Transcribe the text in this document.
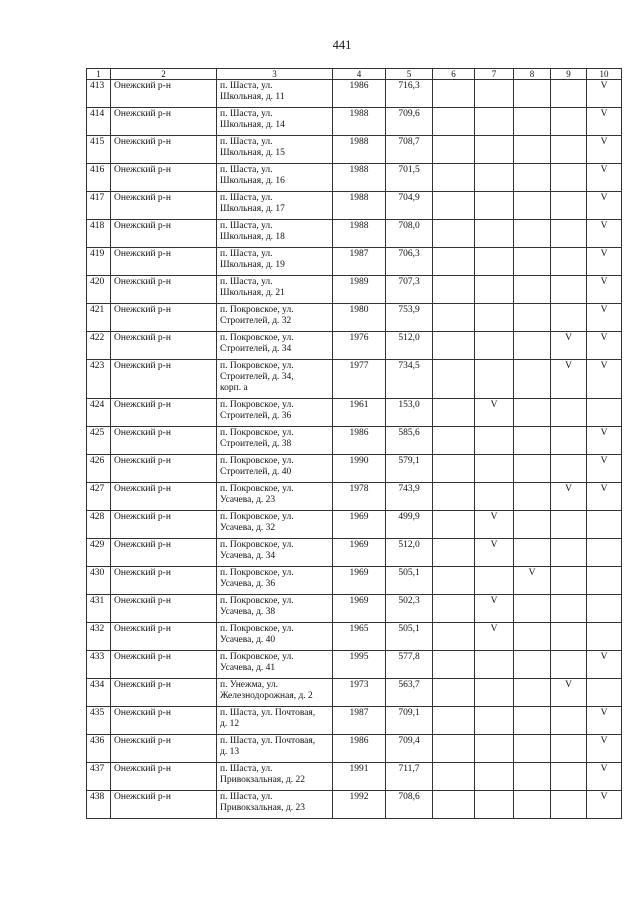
441
1	2	3	4	5	6	7	8	9	10
413	Онежский р-н	п. Шаста, ул.
Школьная, д. 11	1986	716,3					V
414	Онежский р-н	п. Шаста, ул.
Школьная, д. 14	1988	709,6					V
415	Онежский р-н	п. Шаста, ул.
Школьная, д. 15	1988	708,7					V
416	Онежский р-н	п. Шаста, ул.
Школьная, д. 16	1988	701,5					V
417	Онежский р-н	п. Шаста, ул.
Школьная, д. 17	1988	704,9					V
418	Онежский р-н	п. Шаста, ул.
Школьная, д. 18	1988	708,0					V
419	Онежский р-н	п. Шаста, ул.
Школьная, д. 19	1987	706,3					V
420	Онежский р-н	п. Шаста, ул.
Школьная, д. 21	1989	707,3					V
421	Онежский р-н	п. Покровское, ул.
Строителей, д. 32	1980	753,9					V
422	Онежский р-н	п. Покровское, ул.
Строителей, д. 34	1976	512,0				V	V
423	Онежский р-н	п. Покровское, ул.
Строителей, д. 34,
корп. а	1977	734,5				V	V
424	Онежский р-н	п. Покровское, ул.
Строителей, д. 36	1961	153,0		V			
425	Онежский р-н	п. Покровское, ул.
Строителей, д. 38	1986	585,6					V
426	Онежский р-н	п. Покровское, ул.
Строителей, д. 40	1990	579,1					V
427	Онежский р-н	п. Покровское, ул.
Усачева, д. 23	1978	743,9				V	V
428	Онежский р-н	п. Покровское, ул.
Усачева, д. 32	1969	499,9		V			
429	Онежский р-н	п. Покровское, ул.
Усачева, д. 34	1969	512,0		V			
430	Онежский р-н	п. Покровское, ул.
Усачева, д. 36	1969	505,1			V		
431	Онежский р-н	п. Покровское, ул.
Усачева, д. 38	1969	502,3		V			
432	Онежский р-н	п. Покровское, ул.
Усачева, д. 40	1965	505,1		V			
433	Онежский р-н	п. Покровское, ул.
Усачева, д. 41	1995	577,8					V
434	Онежский р-н	п. Унежма, ул.
Железнодорожная, д. 2	1973	563,7				V	
435	Онежский р-н	п. Шаста, ул. Почтовая,
д. 12	1987	709,1					V
436	Онежский р-н	п. Шаста, ул. Почтовая,
д. 13	1986	709,4					V
437	Онежский р-н	п. Шаста, ул.
Привокзальная, д. 22	1991	711,7					V
438	Онежский р-н	п. Шаста, ул.
Привокзальная, д. 23	1992	708,6					V
